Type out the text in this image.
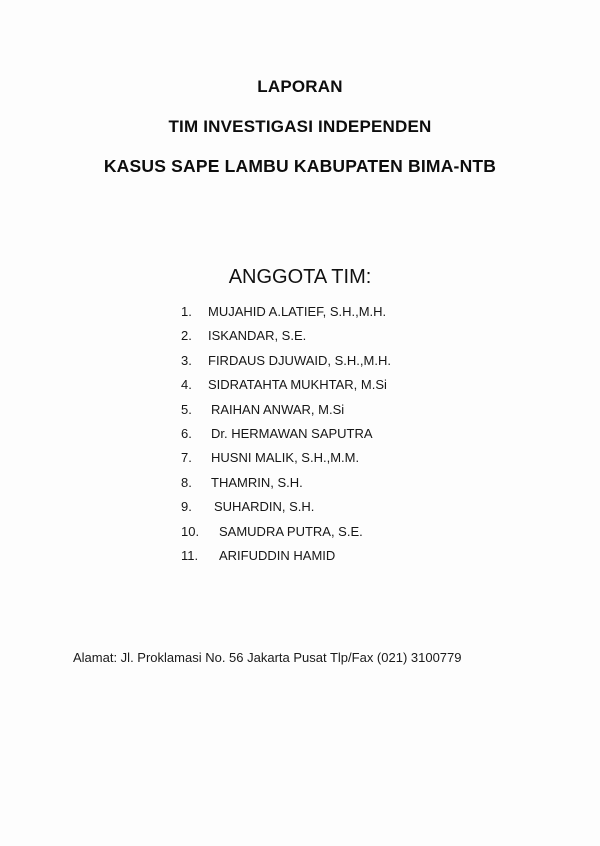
LAPORAN
TIM INVESTIGASI INDEPENDEN
KASUS SAPE LAMBU KABUPATEN BIMA-NTB
ANGGOTA TIM:
1. MUJAHID A.LATIEF, S.H.,M.H.
2. ISKANDAR, S.E.
3. FIRDAUS DJUWAID, S.H.,M.H.
4. SIDRATAHTA MUKHTAR, M.Si
5. RAIHAN ANWAR, M.Si
6. Dr. HERMAWAN SAPUTRA
7. HUSNI MALIK, S.H.,M.M.
8. THAMRIN, S.H.
9. SUHARDIN, S.H.
10. SAMUDRA PUTRA, S.E.
11. ARIFUDDIN HAMID
Alamat: Jl. Proklamasi No. 56 Jakarta Pusat Tlp/Fax (021) 3100779
